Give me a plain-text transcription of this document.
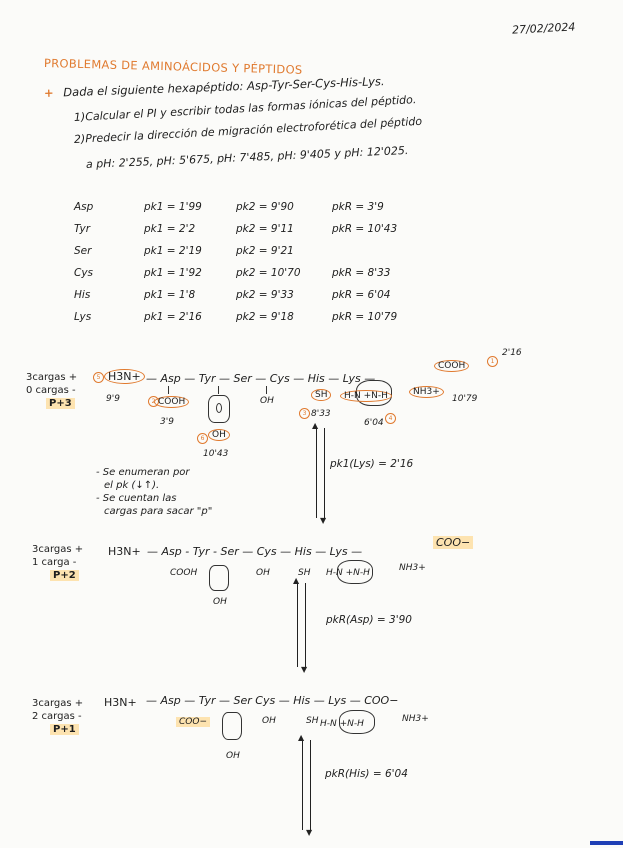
27/02/2024
PROBLEMAS DE AMINOÁCIDOS Y PÉPTIDOS
+ Dada el siguiente hexapéptido: Asp-Tyr-Ser-Cys-His-Lys.
1)Calcular el PI y escribir todas las formas iónicas del péptido.
2)Predecir la dirección de migración electroforética del péptido
a pH: 2'255, pH: 5'675, pH: 7'485, pH: 9'405 y pH: 12'025.
Asp	pk1 = 1'99	pk2 = 9'90	pkR = 3'9
Tyr	pk1 = 2'2	pk2 = 9'11	pkR = 10'43
Ser	pk1 = 2'19	pk2 = 9'21	
Cys	pk1 = 1'92	pk2 = 10'70	pkR = 8'33
His	pk1 = 1'8	pk2 = 9'33	pkR = 6'04
Lys	pk1 = 2'16	pk2 = 9'18	pkR = 10'79
3cargas +
0 cargas -
P+3
5 H3N+ — Asp — Tyr — Ser — Cys — His — Lys —
COOH	1
2'16
9'9	2 COOH
3'9
6 OH
10'43
OH
3
SH
8'33
H-N +N-H
4
6'04
NH3+
10'79
- Se enumeran por
el pk (↓↑).
- Se cuentan las
cargas para sacar "p"
▲
▼
pk1(Lys) = 2'16
3cargas +
1 carga -
P+2
H3N+ — Asp - Tyr - Ser — Cys — His — Lys —
COO−
COOH
OH
OH	SH H-N +N-H	NH3+
▲
▼
pkR(Asp) = 3'90
3cargas +
2 cargas -
P+1
H3N+ — Asp — Tyr — Ser Cys — His — Lys — COO−
COO−
OH
OH	SH H-N +N-H	NH3+
▲
▼
pkR(His) = 6'04
